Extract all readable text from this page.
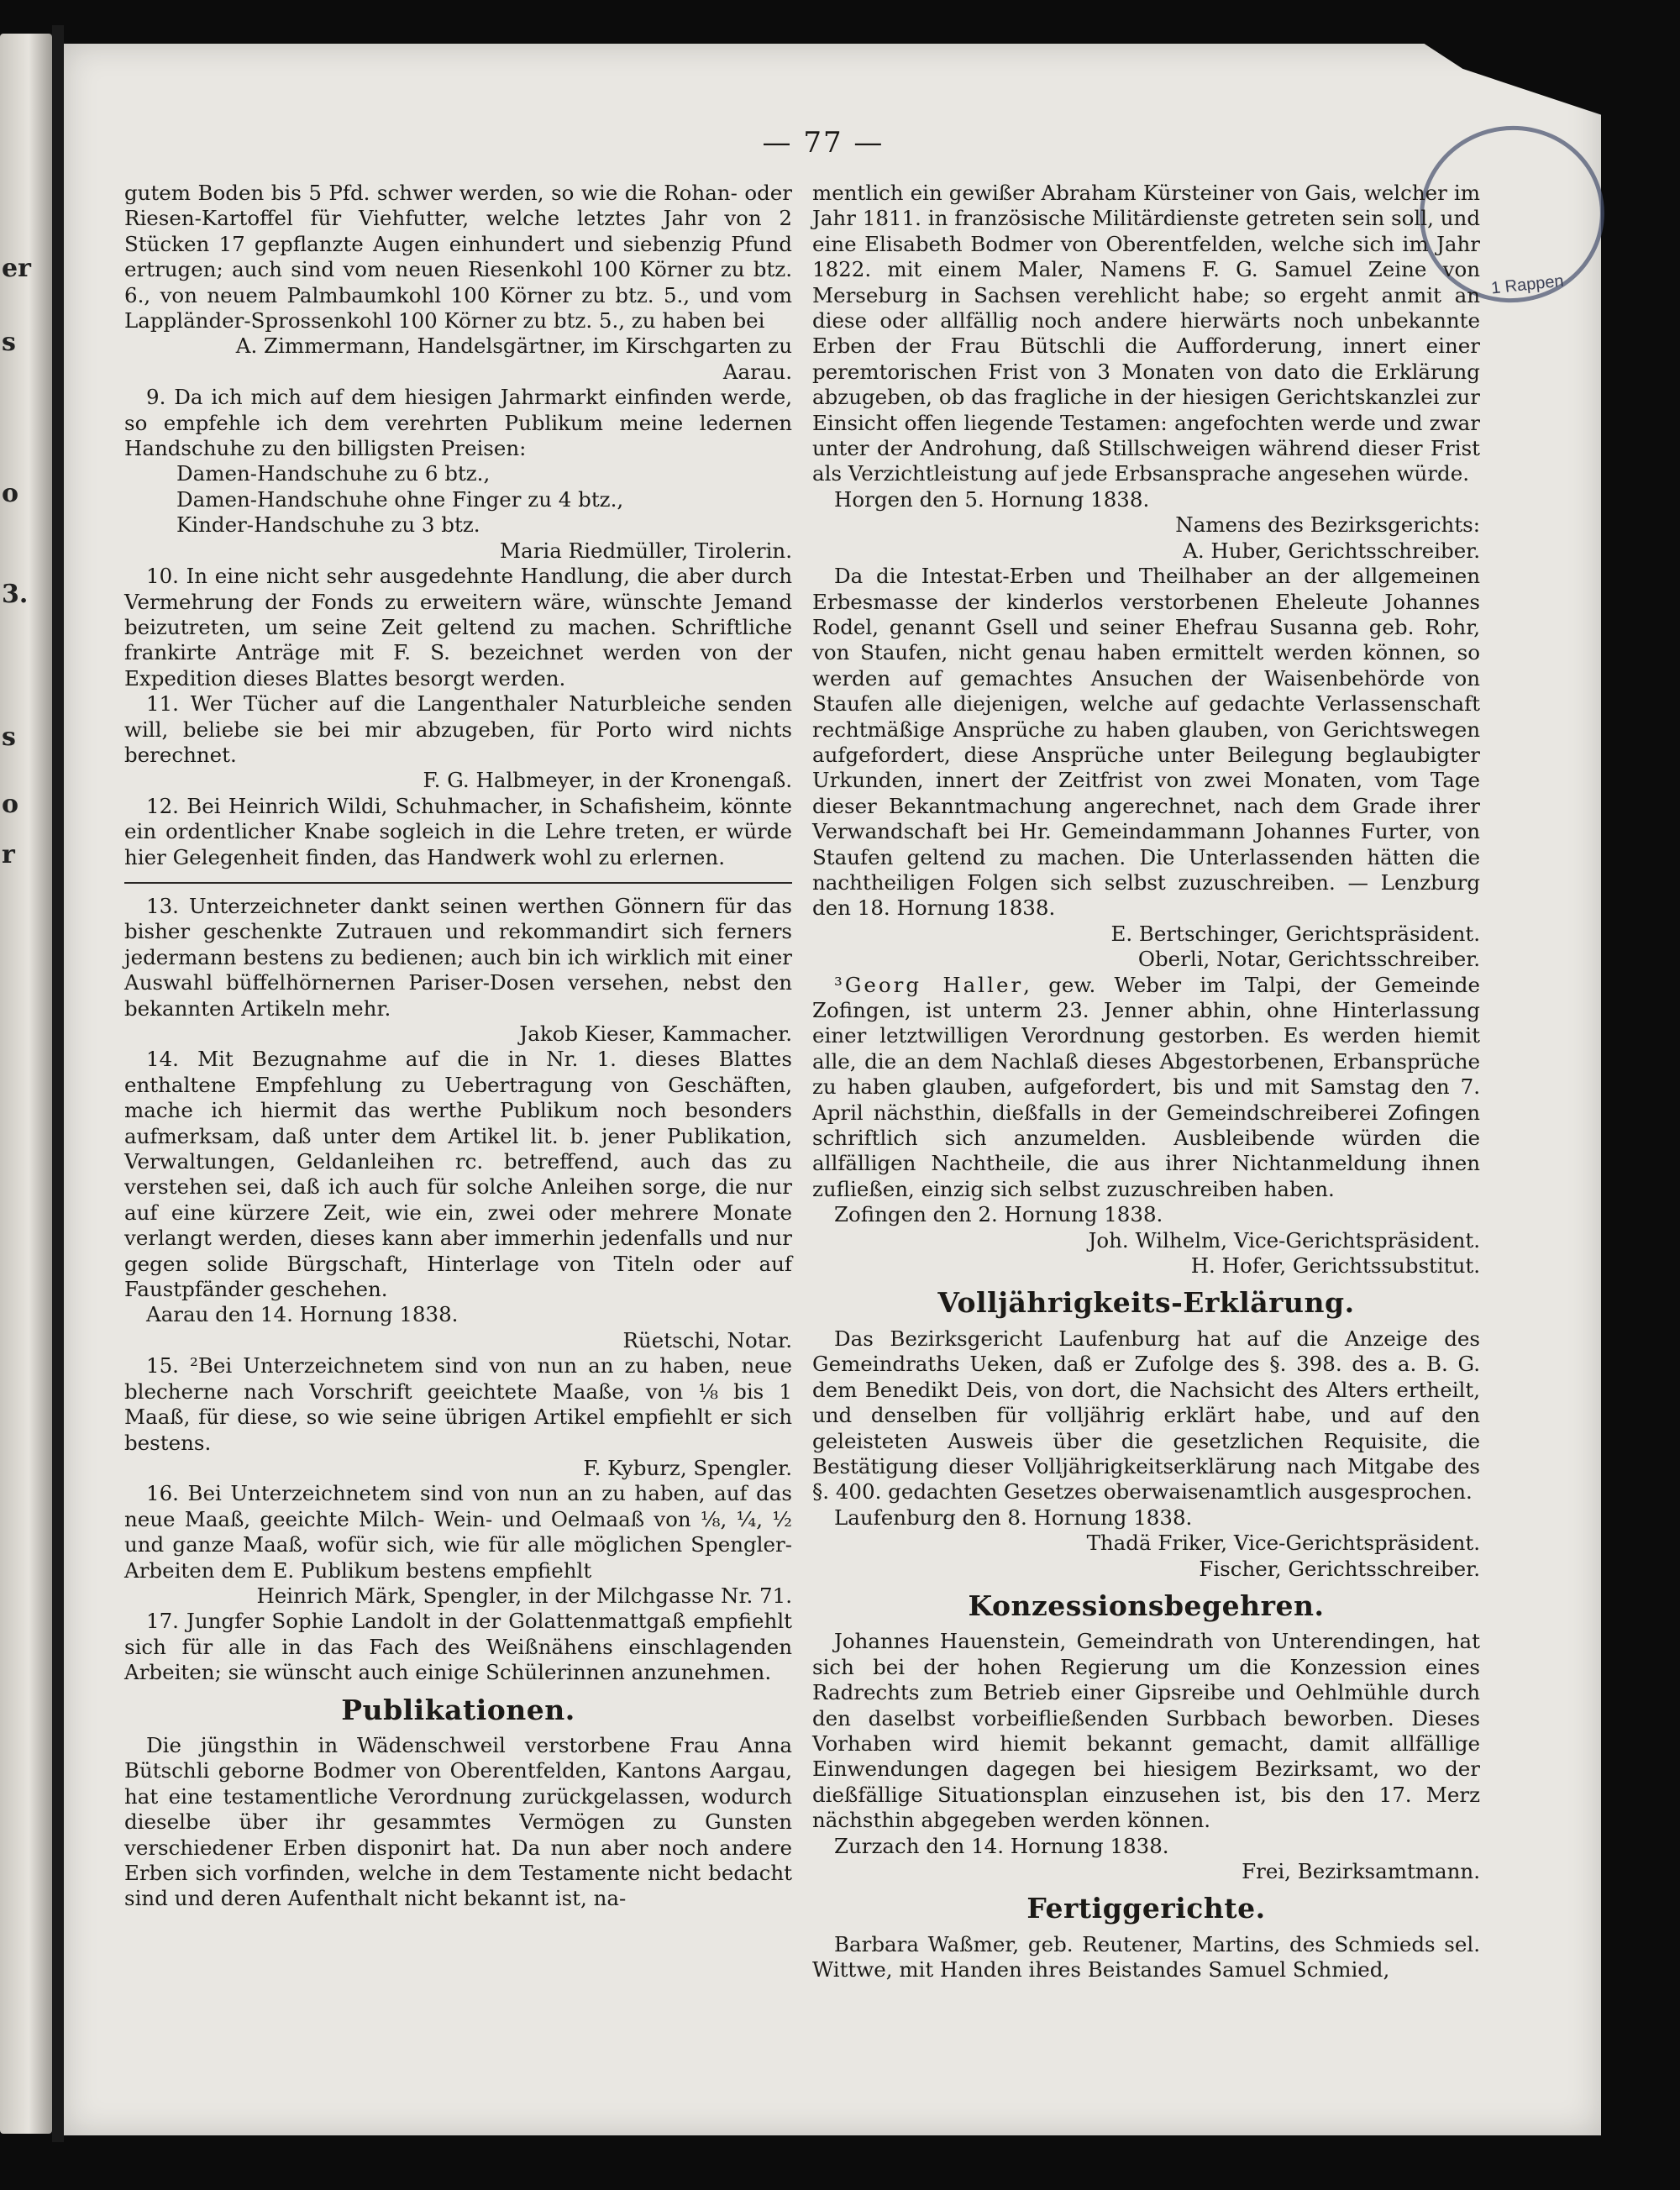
er
s
o
3.
s
o
r
1 Rappen
— 77 —

gutem Boden bis 5 Pfd. schwer werden, so wie die Rohan- oder Riesen-Kartoffel für Viehfutter, welche letztes Jahr von 2 Stücken 17 gepflanzte Augen einhundert und siebenzig Pfund ertrugen; auch sind vom neuen Riesenkohl 100 Körner zu btz. 6., von neuem Palmbaumkohl 100 Körner zu btz. 5., und vom Lappländer-Sprossenkohl 100 Körner zu btz. 5., zu haben bei

A. Zimmermann, Handelsgärtner, im Kirschgarten zu Aarau.

9. Da ich mich auf dem hiesigen Jahrmarkt einfinden werde, so empfehle ich dem verehrten Publikum meine ledernen Handschuhe zu den billigsten Preisen:

Damen-Handschuhe zu 6 btz.,
Damen-Handschuhe ohne Finger zu 4 btz.,
Kinder-Handschuhe zu 3 btz.

Maria Riedmüller, Tirolerin.

10. In eine nicht sehr ausgedehnte Handlung, die aber durch Vermehrung der Fonds zu erweitern wäre, wünschte Jemand beizutreten, um seine Zeit geltend zu machen. Schriftliche frankirte Anträge mit F. S. bezeichnet werden von der Expedition dieses Blattes besorgt werden.

11. Wer Tücher auf die Langenthaler Naturbleiche senden will, beliebe sie bei mir abzugeben, für Porto wird nichts berechnet.

F. G. Halbmeyer, in der Kronengaß.

12. Bei Heinrich Wildi, Schuhmacher, in Schafisheim, könnte ein ordentlicher Knabe sogleich in die Lehre treten, er würde hier Gelegenheit finden, das Handwerk wohl zu erlernen.

13. Unterzeichneter dankt seinen werthen Gönnern für das bisher geschenkte Zutrauen und rekommandirt sich ferners jedermann bestens zu bedienen; auch bin ich wirklich mit einer Auswahl büffelhörnernen Pariser-Dosen versehen, nebst den bekannten Artikeln mehr.

Jakob Kieser, Kammacher.

14. Mit Bezugnahme auf die in Nr. 1. dieses Blattes enthaltene Empfehlung zu Uebertragung von Geschäften, mache ich hiermit das werthe Publikum noch besonders aufmerksam, daß unter dem Artikel lit. b. jener Publikation, Verwaltungen, Geldanleihen rc. betreffend, auch das zu verstehen sei, daß ich auch für solche Anleihen sorge, die nur auf eine kürzere Zeit, wie ein, zwei oder mehrere Monate verlangt werden, dieses kann aber immerhin jedenfalls und nur gegen solide Bürgschaft, Hinterlage von Titeln oder auf Faustpfänder geschehen.

Aarau den 14. Hornung 1838.

Rüetschi, Notar.

15. ²Bei Unterzeichnetem sind von nun an zu haben, neue blecherne nach Vorschrift geeichtete Maaße, von ⅛ bis 1 Maaß, für diese, so wie seine übrigen Artikel empfiehlt er sich bestens.

F. Kyburz, Spengler.

16. Bei Unterzeichnetem sind von nun an zu haben, auf das neue Maaß, geeichte Milch- Wein- und Oelmaaß von ⅛, ¼, ½ und ganze Maaß, wofür sich, wie für alle möglichen Spengler-Arbeiten dem E. Publikum bestens empfiehlt

Heinrich Märk, Spengler, in der Milchgasse Nr. 71.

17. Jungfer Sophie Landolt in der Golattenmattgaß empfiehlt sich für alle in das Fach des Weißnähens einschlagenden Arbeiten; sie wünscht auch einige Schülerinnen anzunehmen.

Publikationen.

Die jüngsthin in Wädenschweil verstorbene Frau Anna Bütschli geborne Bodmer von Oberentfelden, Kantons Aargau, hat eine testamentliche Verordnung zurückgelassen, wodurch dieselbe über ihr gesammtes Vermögen zu Gunsten verschiedener Erben disponirt hat. Da nun aber noch andere Erben sich vorfinden, welche in dem Testamente nicht bedacht sind und deren Aufenthalt nicht bekannt ist, na-

mentlich ein gewißer Abraham Kürsteiner von Gais, welcher im Jahr 1811. in französische Militärdienste getreten sein soll, und eine Elisabeth Bodmer von Oberentfelden, welche sich im Jahr 1822. mit einem Maler, Namens F. G. Samuel Zeine von Merseburg in Sachsen verehlicht habe; so ergeht anmit an diese oder allfällig noch andere hierwärts noch unbekannte Erben der Frau Bütschli die Aufforderung, innert einer peremtorischen Frist von 3 Monaten von dato die Erklärung abzugeben, ob das fragliche in der hiesigen Gerichtskanzlei zur Einsicht offen liegende Testamen: angefochten werde und zwar unter der Androhung, daß Stillschweigen während dieser Frist als Verzichtleistung auf jede Erbsansprache angesehen würde.

Horgen den 5. Hornung 1838.

Namens des Bezirksgerichts:

A. Huber, Gerichtsschreiber.

Da die Intestat-Erben und Theilhaber an der allgemeinen Erbesmasse der kinderlos verstorbenen Eheleute Johannes Rodel, genannt Gsell und seiner Ehefrau Susanna geb. Rohr, von Staufen, nicht genau haben ermittelt werden können, so werden auf gemachtes Ansuchen der Waisenbehörde von Staufen alle diejenigen, welche auf gedachte Verlassenschaft rechtmäßige Ansprüche zu haben glauben, von Gerichtswegen aufgefordert, diese Ansprüche unter Beilegung beglaubigter Urkunden, innert der Zeitfrist von zwei Monaten, vom Tage dieser Bekanntmachung angerechnet, nach dem Grade ihrer Verwandschaft bei Hr. Gemeindammann Johannes Furter, von Staufen geltend zu machen. Die Unterlassenden hätten die nachtheiligen Folgen sich selbst zuzuschreiben. — Lenzburg den 18. Hornung 1838.

E. Bertschinger, Gerichtspräsident.

Oberli, Notar, Gerichtsschreiber.

³Georg Haller, gew. Weber im Talpi, der Gemeinde Zofingen, ist unterm 23. Jenner abhin, ohne Hinterlassung einer letztwilligen Verordnung gestorben. Es werden hiemit alle, die an dem Nachlaß dieses Abgestorbenen, Erbansprüche zu haben glauben, aufgefordert, bis und mit Samstag den 7. April nächsthin, dießfalls in der Gemeindschreiberei Zofingen schriftlich sich anzumelden. Ausbleibende würden die allfälligen Nachtheile, die aus ihrer Nichtanmeldung ihnen zufließen, einzig sich selbst zuzuschreiben haben.

Zofingen den 2. Hornung 1838.

Joh. Wilhelm, Vice-Gerichtspräsident.

H. Hofer, Gerichtssubstitut.

Volljährigkeits-Erklärung.

Das Bezirksgericht Laufenburg hat auf die Anzeige des Gemeindraths Ueken, daß er Zufolge des §. 398. des a. B. G. dem Benedikt Deis, von dort, die Nachsicht des Alters ertheilt, und denselben für volljährig erklärt habe, und auf den geleisteten Ausweis über die gesetzlichen Requisite, die Bestätigung dieser Volljährigkeitserklärung nach Mitgabe des §. 400. gedachten Gesetzes oberwaisenamtlich ausgesprochen.

Laufenburg den 8. Hornung 1838.

Thadä Friker, Vice-Gerichtspräsident.

Fischer, Gerichtsschreiber.

Konzessionsbegehren.

Johannes Hauenstein, Gemeindrath von Unterendingen, hat sich bei der hohen Regierung um die Konzession eines Radrechts zum Betrieb einer Gipsreibe und Oehlmühle durch den daselbst vorbeifließenden Surbbach beworben. Dieses Vorhaben wird hiemit bekannt gemacht, damit allfällige Einwendungen dagegen bei hiesigem Bezirksamt, wo der dießfällige Situationsplan einzusehen ist, bis den 17. Merz nächsthin abgegeben werden können.

Zurzach den 14. Hornung 1838.

Frei, Bezirksamtmann.

Fertiggerichte.

Barbara Waßmer, geb. Reutener, Martins, des Schmieds sel. Wittwe, mit Handen ihres Beistandes Samuel Schmied,
